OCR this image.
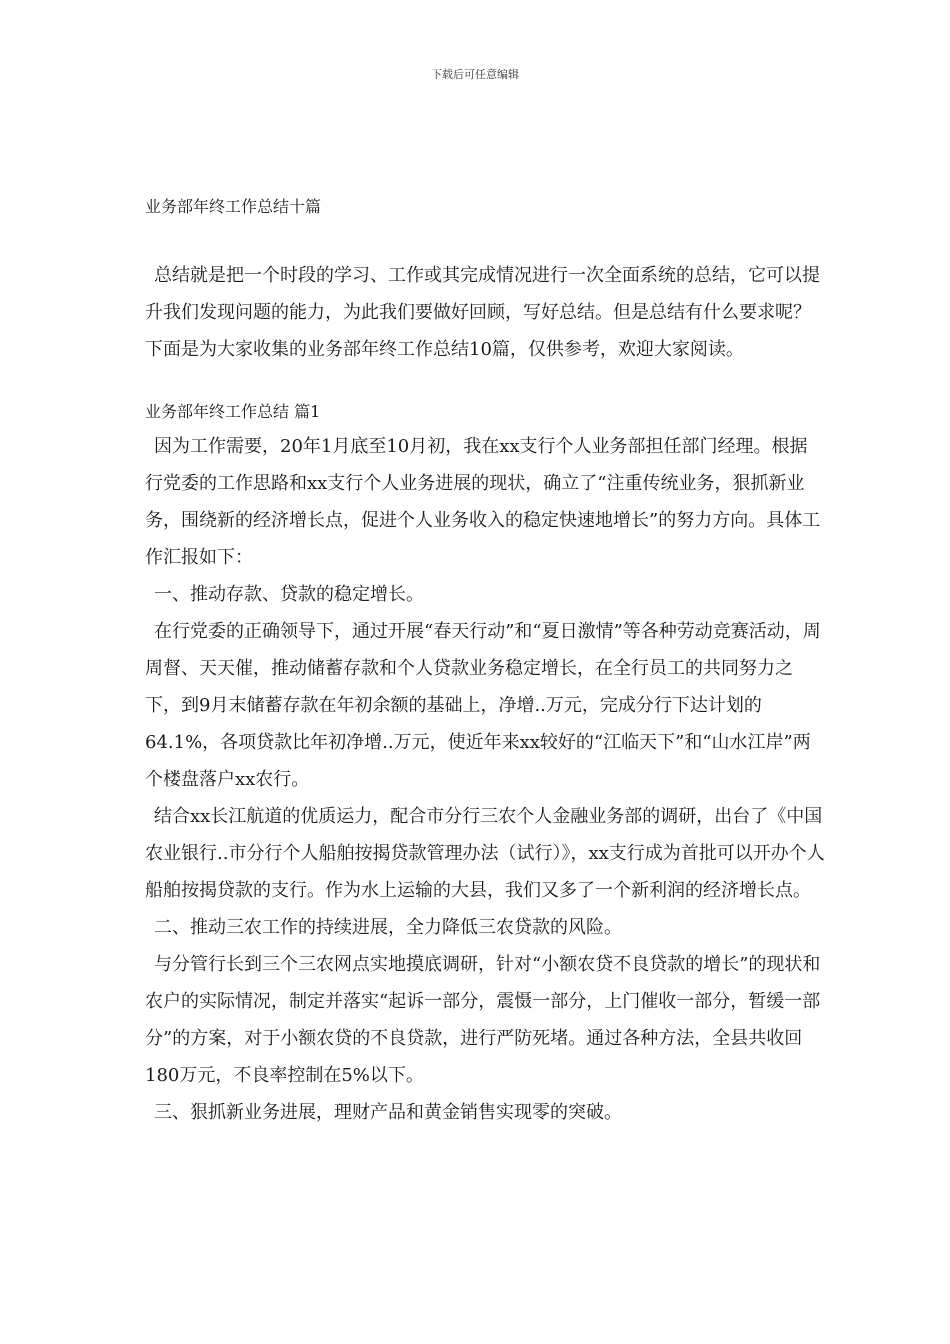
下载后可任意编辑

业务部年终工作总结十篇

总结就是把一个时段的学习、工作或其完成情况进行一次全面系统的总结，它可以提升我们发现问题的能力，为此我们要做好回顾，写好总结。但是总结有什么要求呢？下面是为大家收集的业务部年终工作总结10篇，仅供参考，欢迎大家阅读。

业务部年终工作总结 篇1

因为工作需要，20年1月底至10月初，我在xx支行个人业务部担任部门经理。根据行党委的工作思路和xx支行个人业务进展的现状，确立了“注重传统业务，狠抓新业务，围绕新的经济增长点，促进个人业务收入的稳定快速地增长”的努力方向。具体工作汇报如下：

一、推动存款、贷款的稳定增长。

在行党委的正确领导下，通过开展“春天行动”和“夏日激情”等各种劳动竞赛活动，周周督、天天催，推动储蓄存款和个人贷款业务稳定增长，在全行员工的共同努力之下，到9月末储蓄存款在年初余额的基础上，净增..万元，完成分行下达计划的64.1%，各项贷款比年初净增..万元，使近年来xx较好的“江临天下”和“山水江岸”两个楼盘落户xx农行。

结合xx长江航道的优质运力，配合市分行三农个人金融业务部的调研，出台了《中国农业银行..市分行个人船舶按揭贷款管理办法（试行）》，xx支行成为首批可以开办个人船舶按揭贷款的支行。作为水上运输的大县，我们又多了一个新利润的经济增长点。

二、推动三农工作的持续进展，全力降低三农贷款的风险。

与分管行长到三个三农网点实地摸底调研，针对“小额农贷不良贷款的增长”的现状和农户的实际情况，制定并落实“起诉一部分，震慑一部分，上门催收一部分，暂缓一部分”的方案，对于小额农贷的不良贷款，进行严防死堵。通过各种方法，全县共收回180万元，不良率控制在5%以下。

三、狠抓新业务进展，理财产品和黄金销售实现零的突破。
